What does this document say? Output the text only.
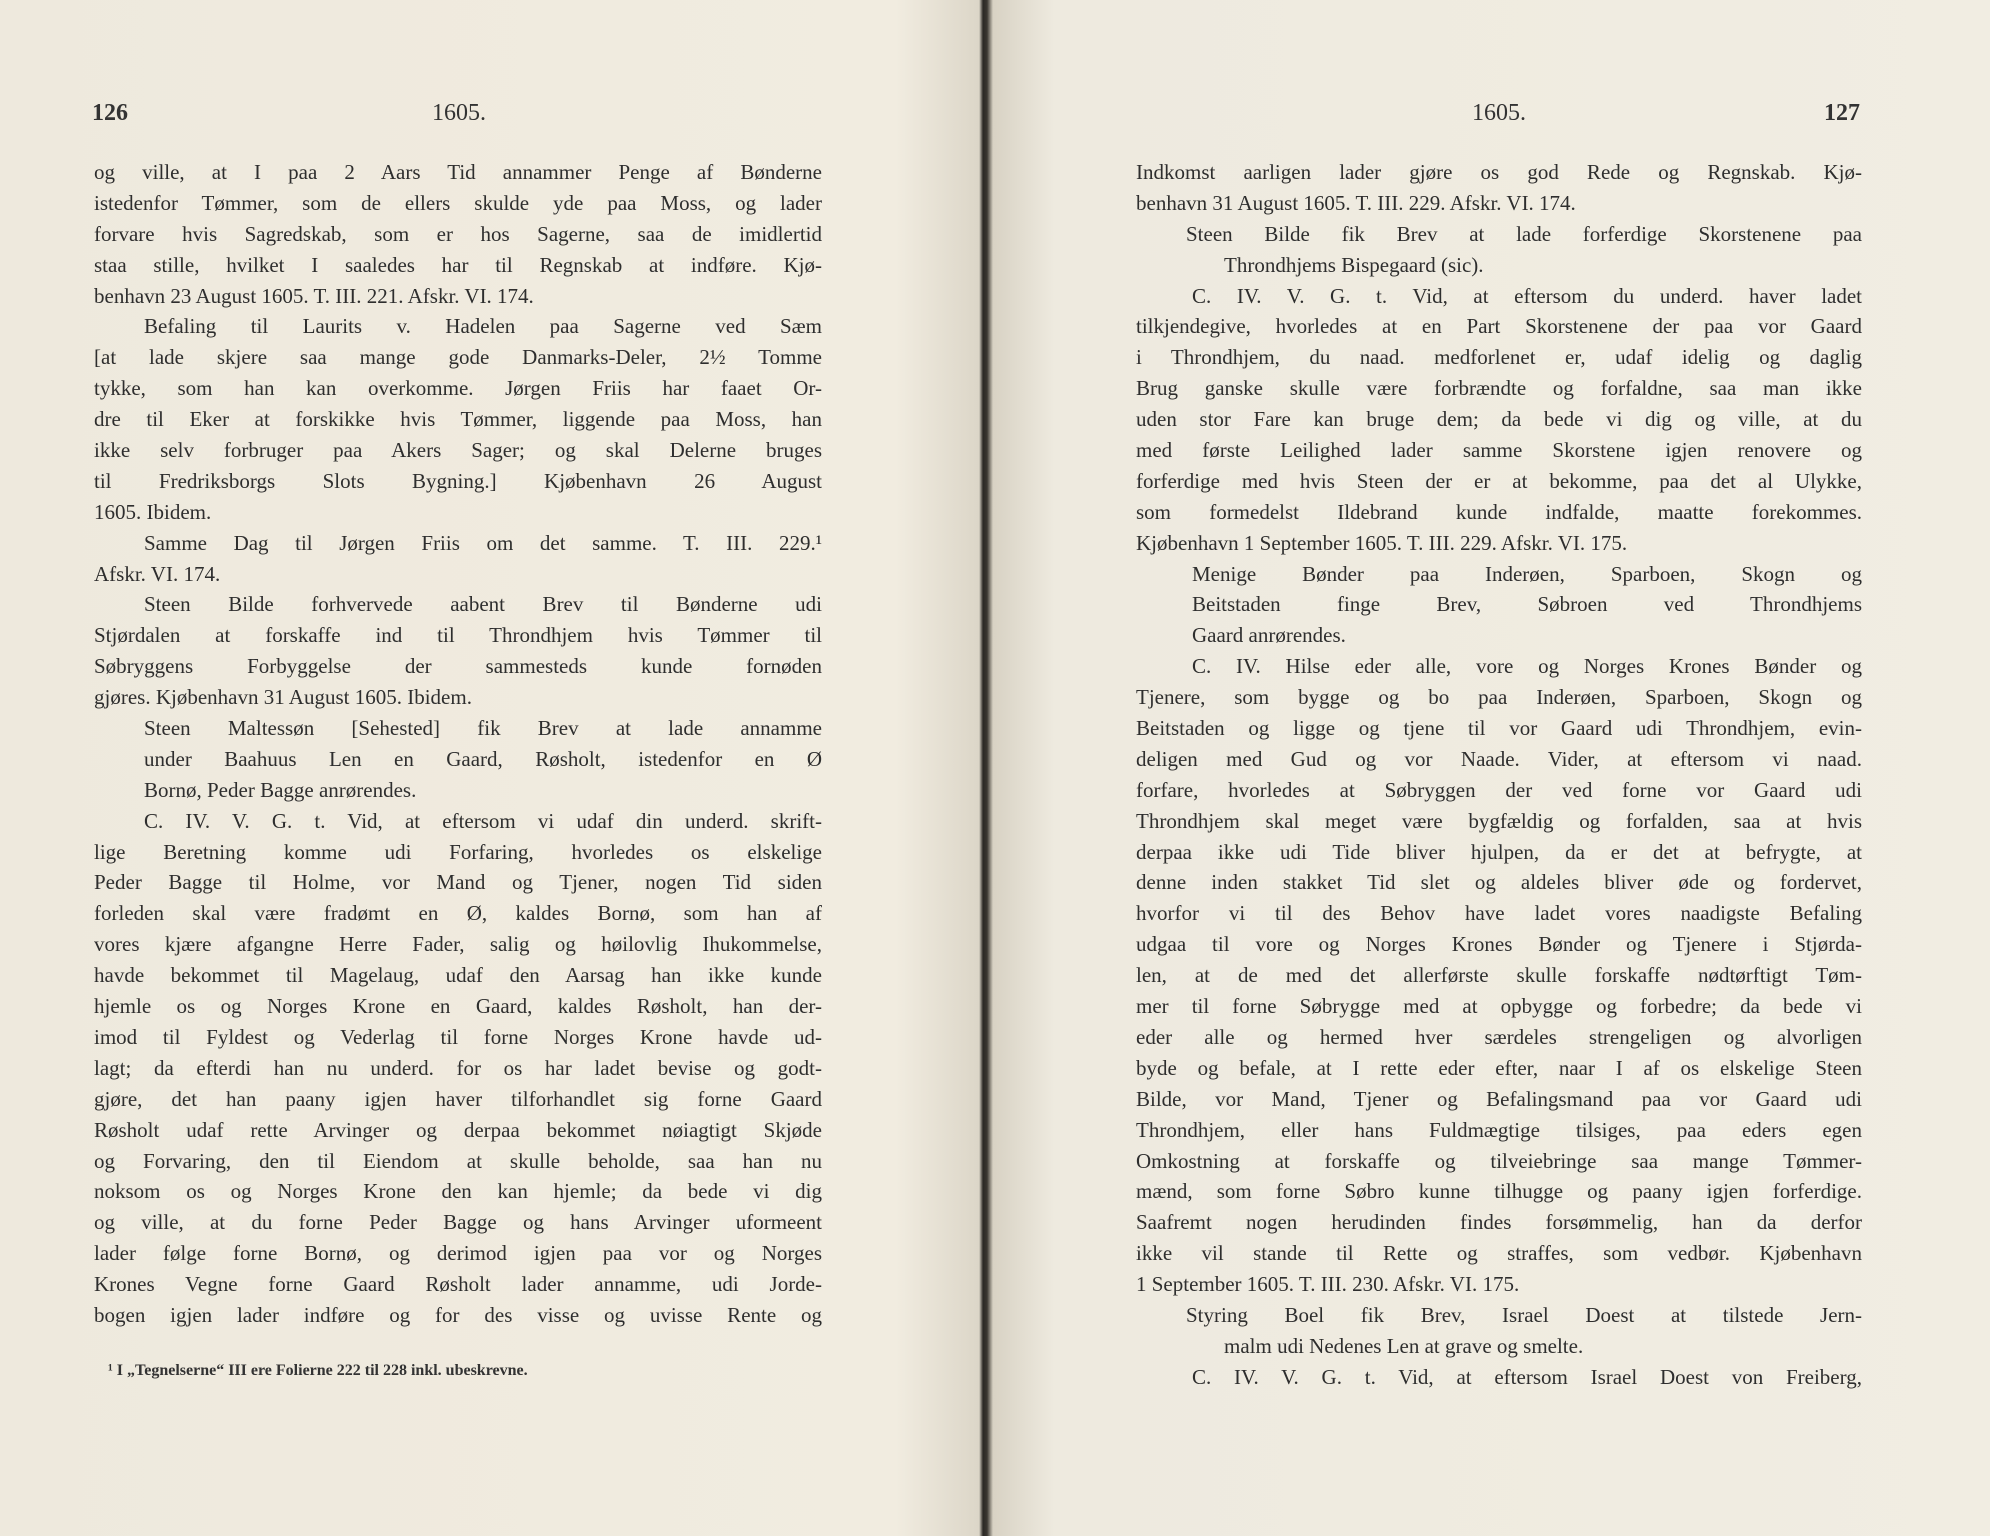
126	1605.
og ville, at I paa 2 Aars Tid annammer Penge af Bønderne
istedenfor Tømmer, som de ellers skulde yde paa Moss, og lader
forvare hvis Sagredskab, som er hos Sagerne, saa de imidlertid
staa stille, hvilket I saaledes har til Regnskab at indføre. Kjø-
benhavn 23 August 1605. T. III. 221. Afskr. VI. 174.
Befaling til Laurits v. Hadelen paa Sagerne ved Sæm
[at lade skjere saa mange gode Danmarks-Deler, 2½ Tomme
tykke, som han kan overkomme. Jørgen Friis har faaet Or-
dre til Eker at forskikke hvis Tømmer, liggende paa Moss, han
ikke selv forbruger paa Akers Sager; og skal Delerne bruges
til Fredriksborgs Slots Bygning.] Kjøbenhavn 26 August
1605. Ibidem.
Samme Dag til Jørgen Friis om det samme. T. III. 229.¹
Afskr. VI. 174.
Steen Bilde forhvervede aabent Brev til Bønderne udi
Stjørdalen at forskaffe ind til Throndhjem hvis Tømmer til
Søbryggens Forbyggelse der sammesteds kunde fornøden
gjøres. Kjøbenhavn 31 August 1605. Ibidem.
Steen Maltessøn [Sehested] fik Brev at lade annamme
under Baahuus Len en Gaard, Røsholt, istedenfor en Ø
Bornø, Peder Bagge anrørendes.
C. IV. V. G. t. Vid, at eftersom vi udaf din underd. skrift-
lige Beretning komme udi Forfaring, hvorledes os elskelige
Peder Bagge til Holme, vor Mand og Tjener, nogen Tid siden
forleden skal være fradømt en Ø, kaldes Bornø, som han af
vores kjære afgangne Herre Fader, salig og høilovlig Ihukommelse,
havde bekommet til Magelaug, udaf den Aarsag han ikke kunde
hjemle os og Norges Krone en Gaard, kaldes Røsholt, han der-
imod til Fyldest og Vederlag til forne Norges Krone havde ud-
lagt; da efterdi han nu underd. for os har ladet bevise og godt-
gjøre, det han paany igjen haver tilforhandlet sig forne Gaard
Røsholt udaf rette Arvinger og derpaa bekommet nøiagtigt Skjøde
og Forvaring, den til Eiendom at skulle beholde, saa han nu
noksom os og Norges Krone den kan hjemle; da bede vi dig
og ville, at du forne Peder Bagge og hans Arvinger uformeent
lader følge forne Bornø, og derimod igjen paa vor og Norges
Krones Vegne forne Gaard Røsholt lader annamme, udi Jorde-
bogen igjen lader indføre og for des visse og uvisse Rente og
¹ I „Tegnelserne“ III ere Folierne 222 til 228 inkl. ubeskrevne.
1605.	127
Indkomst aarligen lader gjøre os god Rede og Regnskab. Kjø-
benhavn 31 August 1605. T. III. 229. Afskr. VI. 174.
Steen Bilde fik Brev at lade forferdige Skorstenene paa
Throndhjems Bispegaard (sic).
C. IV. V. G. t. Vid, at eftersom du underd. haver ladet
tilkjendegive, hvorledes at en Part Skorstenene der paa vor Gaard
i Throndhjem, du naad. medforlenet er, udaf idelig og daglig
Brug ganske skulle være forbrændte og forfaldne, saa man ikke
uden stor Fare kan bruge dem; da bede vi dig og ville, at du
med første Leilighed lader samme Skorstene igjen renovere og
forferdige med hvis Steen der er at bekomme, paa det al Ulykke,
som formedelst Ildebrand kunde indfalde, maatte forekommes.
Kjøbenhavn 1 September 1605. T. III. 229. Afskr. VI. 175.
Menige Bønder paa Inderøen, Sparboen, Skogn og
Beitstaden finge Brev, Søbroen ved Throndhjems
Gaard anrørendes.
C. IV. Hilse eder alle, vore og Norges Krones Bønder og
Tjenere, som bygge og bo paa Inderøen, Sparboen, Skogn og
Beitstaden og ligge og tjene til vor Gaard udi Throndhjem, evin-
deligen med Gud og vor Naade. Vider, at eftersom vi naad.
forfare, hvorledes at Søbryggen der ved forne vor Gaard udi
Throndhjem skal meget være bygfældig og forfalden, saa at hvis
derpaa ikke udi Tide bliver hjulpen, da er det at befrygte, at
denne inden stakket Tid slet og aldeles bliver øde og fordervet,
hvorfor vi til des Behov have ladet vores naadigste Befaling
udgaa til vore og Norges Krones Bønder og Tjenere i Stjørda-
len, at de med det allerførste skulle forskaffe nødtørftigt Tøm-
mer til forne Søbrygge med at opbygge og forbedre; da bede vi
eder alle og hermed hver særdeles strengeligen og alvorligen
byde og befale, at I rette eder efter, naar I af os elskelige Steen
Bilde, vor Mand, Tjener og Befalingsmand paa vor Gaard udi
Throndhjem, eller hans Fuldmægtige tilsiges, paa eders egen
Omkostning at forskaffe og tilveiebringe saa mange Tømmer-
mænd, som forne Søbro kunne tilhugge og paany igjen forferdige.
Saafremt nogen herudinden findes forsømmelig, han da derfor
ikke vil stande til Rette og straffes, som vedbør. Kjøbenhavn
1 September 1605. T. III. 230. Afskr. VI. 175.
Styring Boel fik Brev, Israel Doest at tilstede Jern-
malm udi Nedenes Len at grave og smelte.
C. IV. V. G. t. Vid, at eftersom Israel Doest von Freiberg,
